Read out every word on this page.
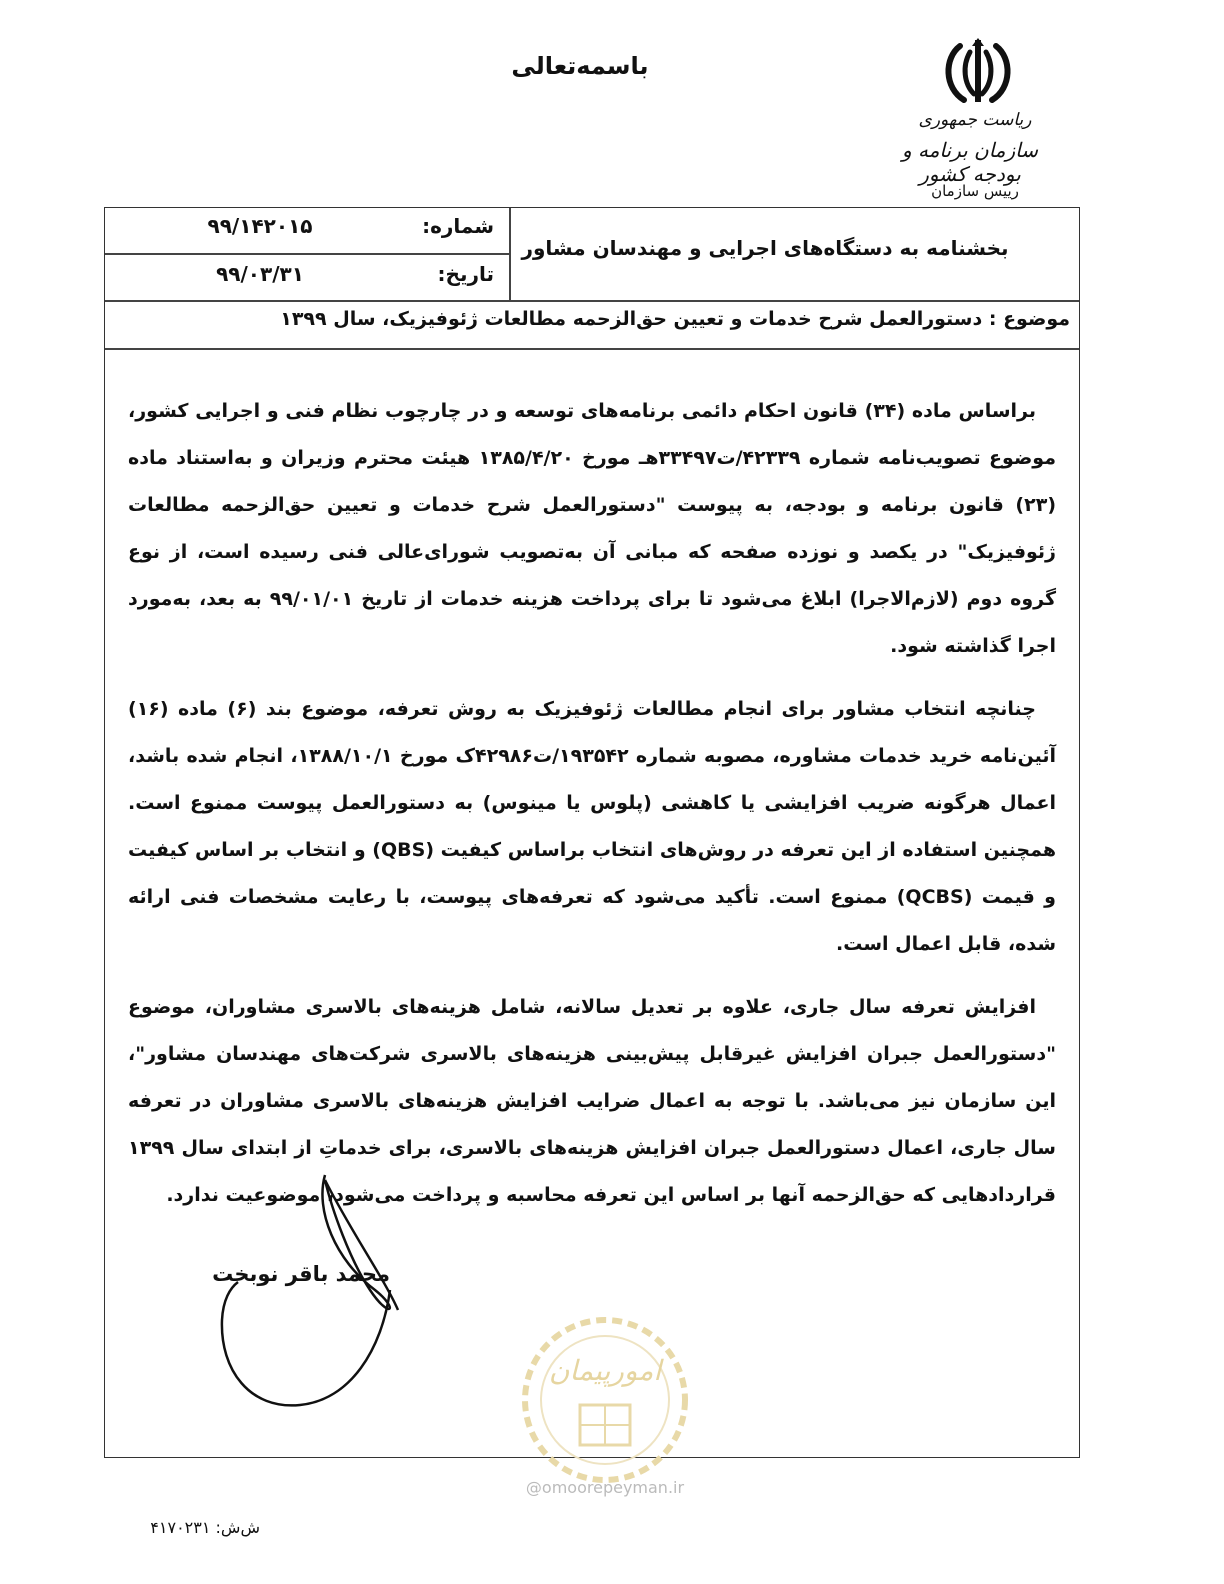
باسمه‌تعالی
ریاست جمهوری
سازمان برنامه و بودجه کشور
رییس سازمان
شماره:
۹۹/۱۴۲۰۱۵
تاریخ:
۹۹/۰۳/۳۱
بخشنامه به دستگاه‌های اجرایی و مهندسان مشاور
موضوع : دستورالعمل شرح خدمات و تعیین حق‌الزحمه مطالعات ژئوفیزیک، سال ۱۳۹۹

براساس ماده (۳۴) قانون احکام دائمی برنامه‌های توسعه و در چارچوب نظام فنی و اجرایی کشور، موضوع تصویب‌نامه شماره ۴۲۳۳۹/ت۳۳۴۹۷هـ مورخ ۱۳۸۵/۴/۲۰ هیئت محترم وزیران و به‌استناد ماده (۲۳) قانون برنامه و بودجه، به پیوست "دستورالعمل شرح خدمات و تعیین حق‌الزحمه مطالعات ژئوفیزیک" در یکصد و نوزده صفحه که مبانی آن به‌تصویب شورای‌عالی فنی رسیده است، از نوع گروه دوم (لازم‌الاجرا) ابلاغ می‌شود تا برای پرداخت هزینه خدمات از تاریخ ۹۹/۰۱/۰۱ به بعد، به‌مورد اجرا گذاشته شود.

چنانچه انتخاب مشاور برای انجام مطالعات ژئوفیزیک به روش تعرفه، موضوع بند (۶) ماده (۱۶) آئین‌نامه خرید خدمات مشاوره، مصوبه شماره ۱۹۳۵۴۲/ت۴۲۹۸۶ک مورخ ۱۳۸۸/۱۰/۱، انجام شده باشد، اعمال هرگونه ضریب افزایشی یا کاهشی (پلوس یا مینوس) به دستورالعمل پیوست ممنوع است. همچنین استفاده از این تعرفه در روش‌های انتخاب براساس کیفیت (QBS) و انتخاب بر اساس کیفیت و قیمت (QCBS) ممنوع است. تأکید می‌شود که تعرفه‌های پیوست، با رعایت مشخصات فنی ارائه شده، قابل اعمال است.

افزایش تعرفه سال جاری، علاوه بر تعدیل سالانه، شامل هزینه‌های بالاسری مشاوران، موضوع "دستورالعمل جبران افزایش غیرقابل پیش‌بینی هزینه‌های بالاسری شرکت‌های مهندسان مشاور"، این سازمان نیز می‌باشد. با توجه به اعمال ضرایب افزایش هزینه‌های بالاسری مشاوران در تعرفه سال جاری، اعمال دستورالعمل جبران افزایش هزینه‌های بالاسری، برای خدماتِ از ابتدای سال ۱۳۹۹ قراردادهایی که حق‌الزحمه آنها بر اساس این تعرفه محاسبه و پرداخت می‌شود، موضوعیت ندارد.

محمد باقر نوبخت
امورپیمان
@omoorepeyman.ir
ش‌ش: ۴۱۷۰۲۳۱
